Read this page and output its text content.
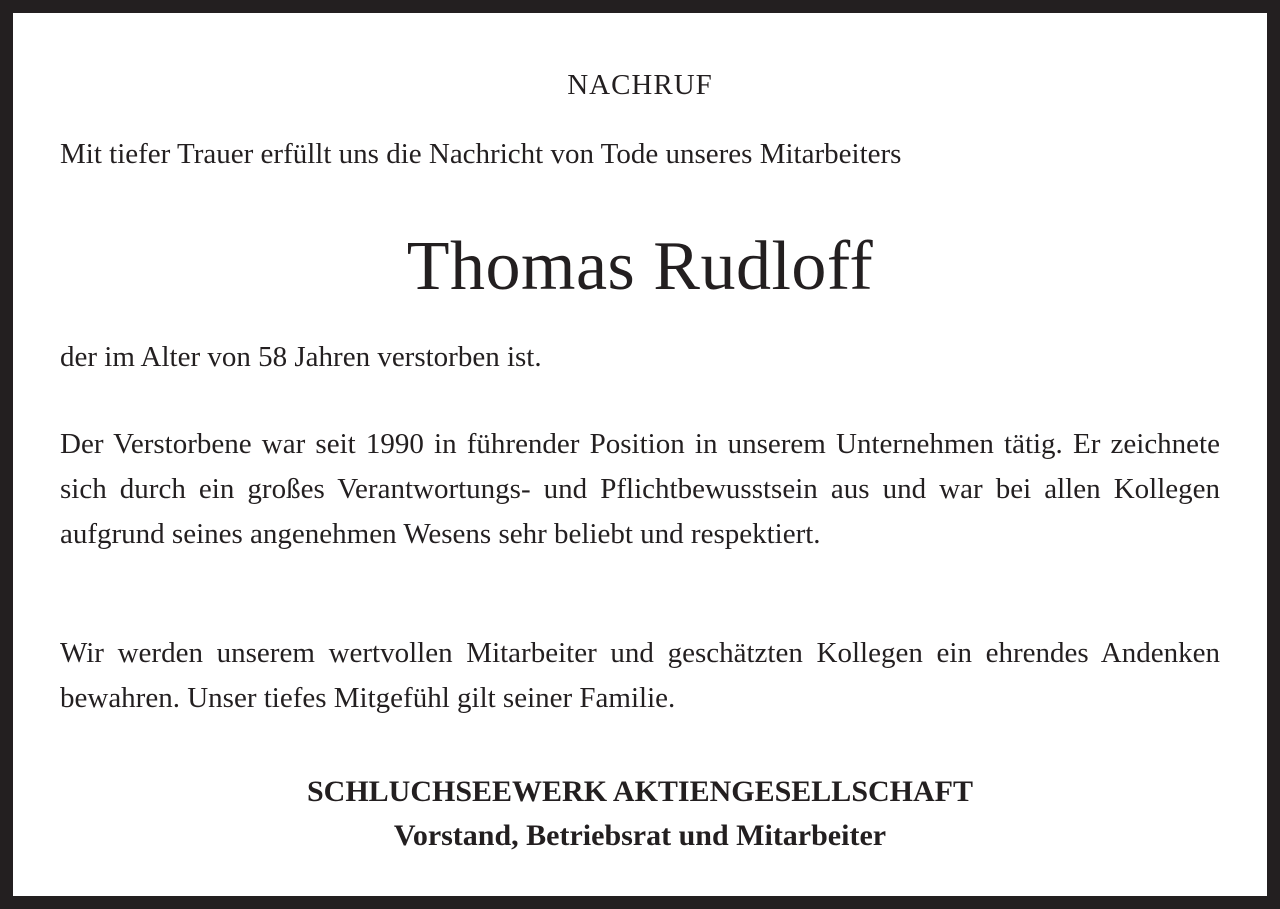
NACHRUF
Mit tiefer Trauer erfüllt uns die Nachricht von Tode unseres Mitarbeiters
Thomas Rudloff
der im Alter von 58 Jahren verstorben ist.
Der Verstorbene war seit 1990 in führender Position in unserem Unternehmen tätig. Er zeichnete sich durch ein großes Verantwortungs- und Pflichtbewusstsein aus und war bei allen Kollegen aufgrund seines angenehmen Wesens sehr beliebt und respektiert.
Wir werden unserem wertvollen Mitarbeiter und geschätzten Kollegen ein ehrendes Andenken bewahren. Unser tiefes Mitgefühl gilt seiner Familie.
SCHLUCHSEEWERK AKTIENGESELLSCHAFT
Vorstand, Betriebsrat und Mitarbeiter
